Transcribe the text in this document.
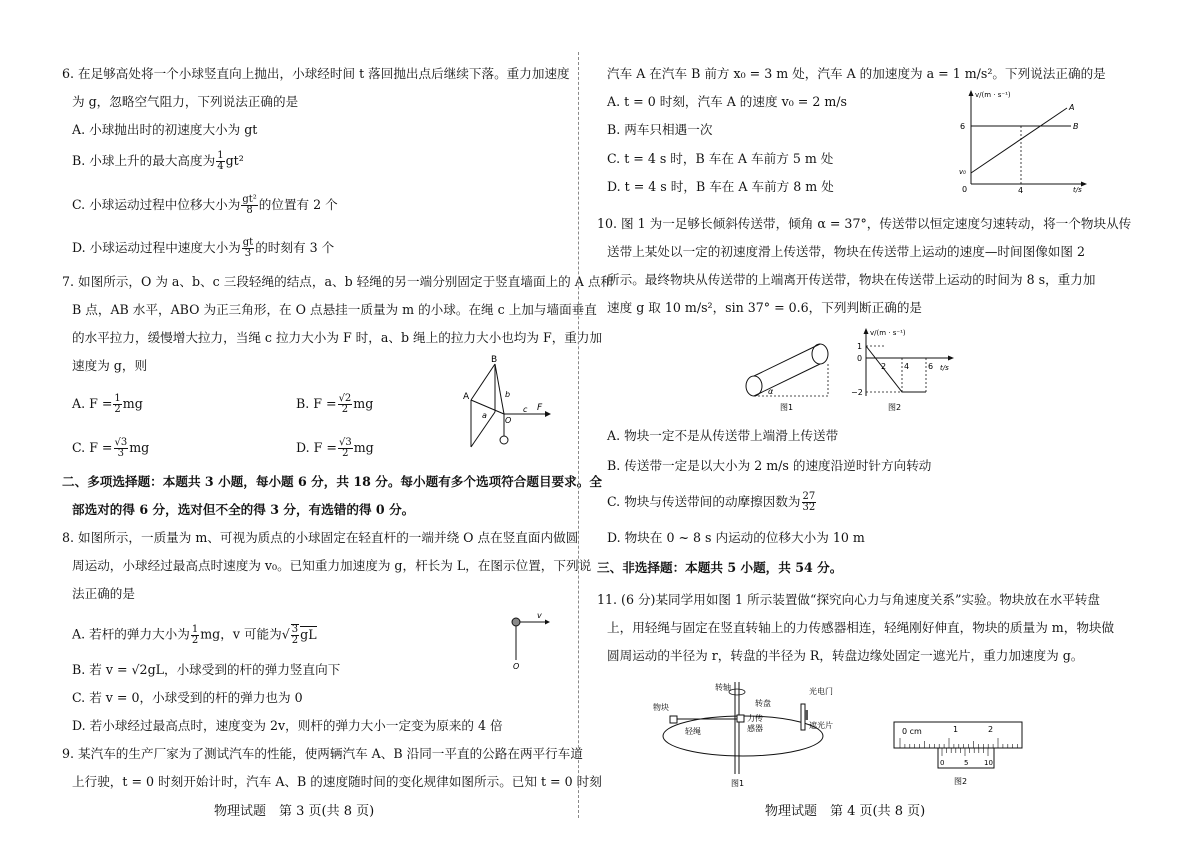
6. 在足够高处将一个小球竖直向上抛出，小球经时间 t 落回抛出点后继续下落。重力加速度
为 g，忽略空气阻力，下列说法正确的是
A. 小球抛出时的初速度大小为 gt
B. 小球上升的最大高度为 $\frac{1}{4} gt^2$
C. 小球运动过程中位移大小为 $\frac{\text{gt²}}{8}$ 的位置有 2 个
D. 小球运动过程中速度大小为 $\frac{gt}{3}$ 的时刻有 3 个
7. 如图所示，O 为 a、b、c 三段轻绳的结点，a、b 轻绳的另一端分别固定于竖直墙面上的 A 点和
B 点，AB 水平，ABO 为正三角形，在 O 点悬挂一质量为 m 的小球。在绳 c 上加与墙面垂直
的水平拉力，缓慢增大拉力，当绳 c 拉力大小为 F 时，a、b 绳上的拉力大小也均为 F，重力加
速度为 g，则
A. $F = \frac{1}{2}$ mg	B. $F = \frac{√2}{2}$ mg
C. $F = \frac{√3}{3}$ mg	D. $F = \frac{√3}{2}$ mg
B
A
a
b
O
c F
二、多项选择题：本题共 3 小题，每小题 6 分，共 18 分。每小题有多个选项符合题目要求。全
部选对的得 6 分，选对但不全的得 3 分，有选错的得 0 分。
8. 如图所示，一质量为 m、可视为质点的小球固定在轻直杆的一端并绕 O 点在竖直面内做圆
周运动，小球经过最高点时速度为 v₀。已知重力加速度为 g，杆长为 L，在图示位置，下列说
法正确的是
A. 若杆的弹力大小为 $\frac{1}{2}$ mg，v 可能为√ $\frac{3}{2}$ gL
B. 若 v = √2gL，小球受到的杆的弹力竖直向下
C. 若 v = 0，小球受到的杆的弹力也为 0
D. 若小球经过最高点时，速度变为 2v，则杆的弹力大小一定变为原来的 4 倍
v
O
9. 某汽车的生产厂家为了测试汽车的性能，使两辆汽车 A、B 沿同一平直的公路在两平行车道
上行驶，t = 0 时刻开始计时，汽车 A、B 的速度随时间的变化规律如图所示。已知 t = 0 时刻
物理试题　第 3 页(共 8 页)
汽车 A 在汽车 B 前方 x₀ = 3 m 处，汽车 A 的加速度为 a = 1 m/s²。下列说法正确的是
A. t = 0 时刻，汽车 A 的速度 v₀ = 2 m/s
B. 两车只相遇一次
C. t = 4 s 时，B 车在 A 车前方 5 m 处
D. t = 4 s 时，B 车在 A 车前方 8 m 处
v/(m · s⁻¹)
t/s
A
B
6
4
v₀
0
10. 图 1 为一足够长倾斜传送带，倾角 α = 37°，传送带以恒定速度匀速转动，将一个物块从传
送带上某处以一定的初速度滑上传送带，物块在传送带上运动的速度—时间图像如图 2
所示。最终物块从传送带的上端离开传送带，物块在传送带上运动的时间为 8 s，重力加
速度 g 取 10 m/s²，sin 37° = 0.6，下列判断正确的是
α
图1
v/(m · s⁻¹)
t/s
1
0
−2
2 4 6
图2
A. 物块一定不是从传送带上端滑上传送带
B. 传送带一定是以大小为 2 m/s 的速度沿逆时针方向转动
C. 物块与传送带间的动摩擦因数为 $\frac{27}{32}$
D. 物块在 0 ~ 8 s 内运动的位移大小为 10 m
三、非选择题：本题共 5 小题，共 54 分。
11. (6 分)某同学用如图 1 所示装置做“探究向心力与角速度关系”实验。物块放在水平转盘
上，用轻绳与固定在竖直转轴上的力传感器相连，轻绳刚好伸直，物块的质量为 m，物块做
圆周运动的半径为 r，转盘的半径为 R，转盘边缘处固定一遮光片，重力加速度为 g。
转轴
转盘
光电门
物块
力传
感器
轻绳
遮光片
图1
0 cm	1	2
0	5 10
图2
物理试题　第 4 页(共 8 页)
